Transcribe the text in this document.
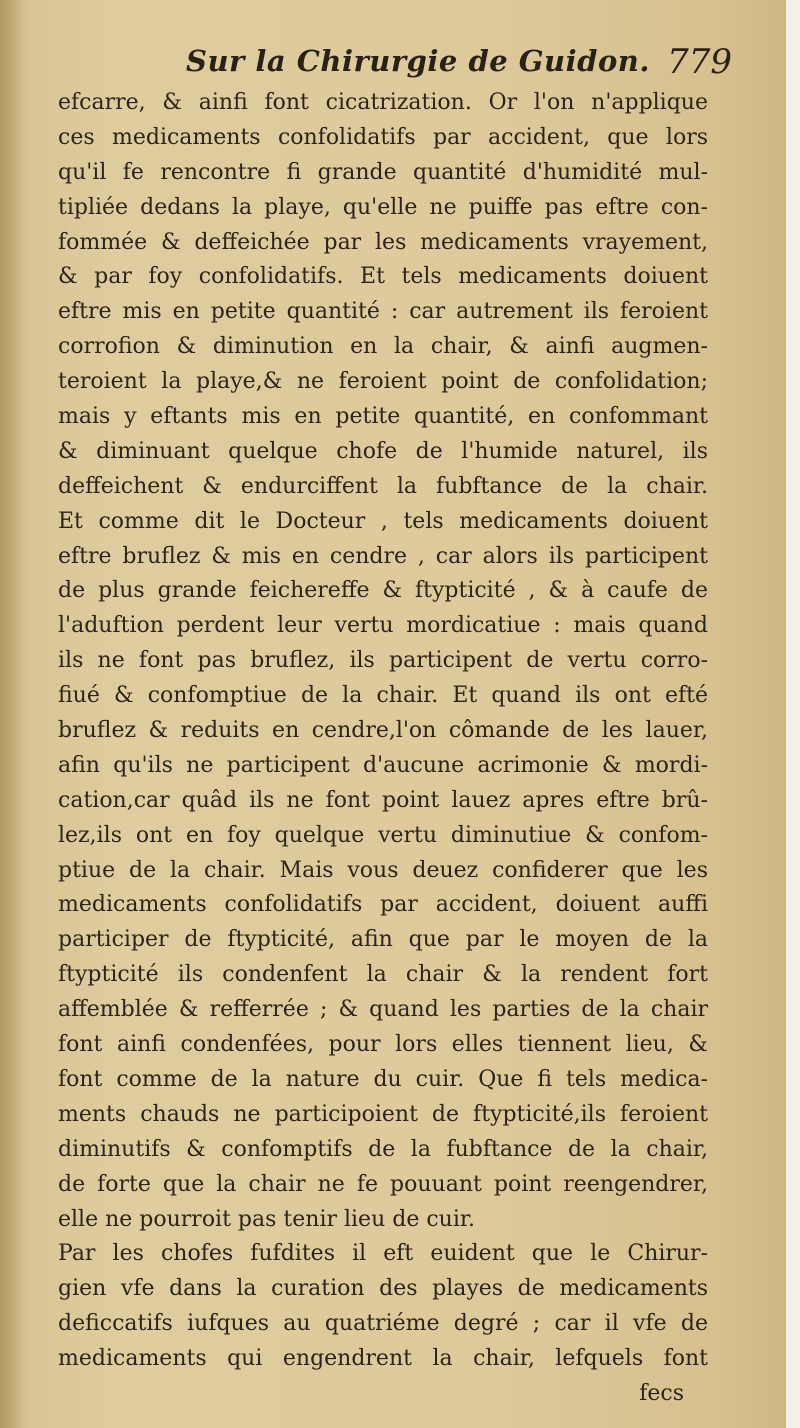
Sur la Chirurgie de Guidon. 779
efcarre, & ainfi font cicatrization. Or l'on n'applique
ces medicaments confolidatifs par accident, que lors
qu'il fe rencontre fi grande quantité d'humidité mul-
tipliée dedans la playe, qu'elle ne puiffe pas eftre con-
fommée & deffeichée par les medicaments vrayement,
& par foy confolidatifs. Et tels medicaments doiuent
eftre mis en petite quantité : car autrement ils feroient
corrofion & diminution en la chair, & ainfi augmen-
teroient la playe,& ne feroient point de confolidation;
mais y eftants mis en petite quantité, en confommant
& diminuant quelque chofe de l'humide naturel, ils
deffeichent & endurciffent la fubftance de la chair.
Et comme dit le Docteur , tels medicaments doiuent
eftre bruflez & mis en cendre , car alors ils participent
de plus grande feichereffe & ftypticité , & à caufe de
l'aduftion perdent leur vertu mordicatiue : mais quand
ils ne font pas bruflez, ils participent de vertu corro-
fiué & confomptiue de la chair. Et quand ils ont efté
bruflez & reduits en cendre,l'on cômande de les lauer,
afin qu'ils ne participent d'aucune acrimonie & mordi-
cation,car quâd ils ne font point lauez apres eftre brû-
lez,ils ont en foy quelque vertu diminutiue & confom-
ptiue de la chair. Mais vous deuez confiderer que les
medicaments confolidatifs par accident, doiuent auffi
participer de ftypticité, afin que par le moyen de la
ftypticité ils condenfent la chair & la rendent fort
affemblée & refferrée ; & quand les parties de la chair
font ainfi condenfées, pour lors elles tiennent lieu, &
font comme de la nature du cuir. Que fi tels medica-
ments chauds ne participoient de ftypticité,ils feroient
diminutifs & confomptifs de la fubftance de la chair,
de forte que la chair ne fe pouuant point reengendrer,
elle ne pourroit pas tenir lieu de cuir.
Par les chofes fufdites il eft euident que le Chirur-
gien vfe dans la curation des playes de medicaments
deficcatifs iufques au quatriéme degré ; car il vfe de
medicaments qui engendrent la chair, lefquels font
fecs
